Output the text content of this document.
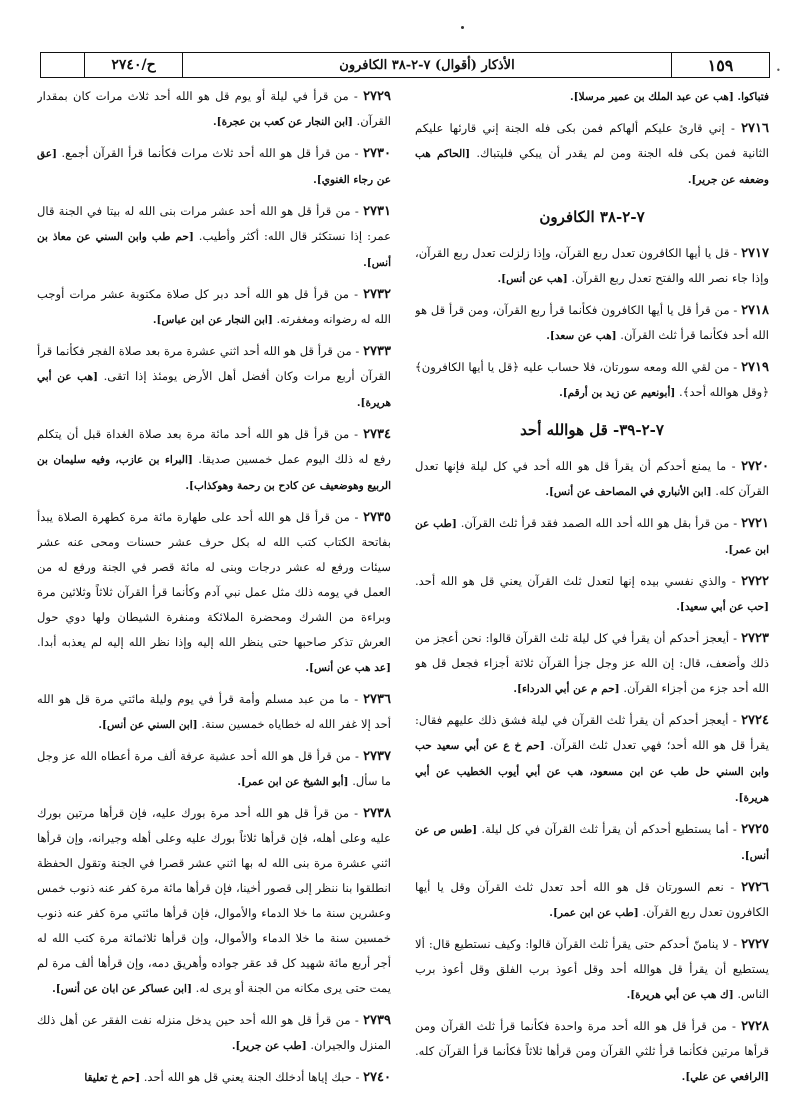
•
١٥٩
الأذكار (أقوال) ٧-٢-٣٨ الكافرون
ح/٢٧٤٠
فتباكوا. [هب عن عبد الملك بن عمير مرسلا].
٢٧١٦ - إني قارئ عليكم ألهاكم فمن بكى فله الجنة إني قارئها عليكم الثانية فمن بكى فله الجنة ومن لم يقدر أن يبكي فليتباك. [الحاكم هب وضعفه عن جرير].
٧-٢-٣٨ الكافرون
٢٧١٧ - قل يا أيها الكافرون تعدل ربع القرآن، وإذا زلزلت تعدل ربع القرآن، وإذا جاء نصر الله والفتح تعدل ربع القرآن. [هب عن أنس].
٢٧١٨ - من قرأ قل يا أيها الكافرون فكأنما قرأ ربع القرآن، ومن قرأ قل هو الله أحد فكأنما قرأ ثلث القرآن. [هب عن سعد].
٢٧١٩ - من لقي الله ومعه سورتان، فلا حساب عليه ﴿قل يا أيها الكافرون﴾ ﴿وقل هوالله أحد﴾. [أبونعيم عن زيد بن أرقم].
٧-٢-٣٩- قل هوالله أحد
٢٧٢٠ - ما يمنع أحدكم أن يقرأ قل هو الله أحد في كل ليلة فإنها تعدل القرآن كله. [ابن الأنباري في المصاحف عن أنس].
٢٧٢١ - من قرأ بقل هو الله أحد الله الصمد فقد قرأ ثلث القرآن. [طب عن ابن عمر].
٢٧٢٢ - والذي نفسي بيده إنها لتعدل ثلث القرآن يعني قل هو الله أحد. [حب عن أبي سعيد].
٢٧٢٣ - أيعجز أحدكم أن يقرأ في كل ليلة ثلث القرآن قالوا: نحن أعجز من ذلك وأضعف، قال: إن الله عز وجل جزأ القرآن ثلاثة أجزاء فجعل قل هو الله أحد جزء من أجزاء القرآن. [حم م عن أبي الدرداء].
٢٧٢٤ - أيعجز أحدكم أن يقرأ ثلث القرآن في ليلة فشق ذلك عليهم فقال: يقرأ قل هو الله أحد؛ فهي تعدل ثلث القرآن. [حم خ ع عن أبي سعيد حب وابن السني حل طب عن ابن مسعود، هب عن أبي أيوب الخطيب عن أبي هريرة].
٢٧٢٥ - أما يستطيع أحدكم أن يقرأ ثلث القرآن في كل ليلة. [طس ص عن أنس].
٢٧٢٦ - نعم السورتان قل هو الله أحد تعدل ثلث القرآن وقل يا أيها الكافرون تعدل ربع القرآن. [طب عن ابن عمر].
٢٧٢٧ - لا ينامنّ أحدكم حتى يقرأ ثلث القرآن قالوا: وكيف نستطيع قال: ألا يستطيع أن يقرأ قل هوالله أحد وقل أعوذ برب الفلق وقل أعوذ برب الناس. [ك هب عن أبي هريرة].
٢٧٢٨ - من قرأ قل هو الله أحد مرة واحدة فكأنما قرأ ثلث القرآن ومن قرأها مرتين فكأنما قرأ ثلثي القرآن ومن قرأها ثلاثاً فكأنما قرأ القرآن كله. [الرافعي عن علي].
٢٧٢٩ - من قرأ في ليلة أو يوم قل هو الله أحد ثلاث مرات كان بمقدار القرآن. [ابن النجار عن كعب بن عجرة].
٢٧٣٠ - من قرأ قل هو الله أحد ثلاث مرات فكأنما قرأ القرآن أجمع. [عق عن رجاء الغنوي].
٢٧٣١ - من قرأ قل هو الله أحد عشر مرات بنى الله له بيتا في الجنة قال عمر: إذا نستكثر قال الله: أكثر وأطيب. [حم طب وابن السني عن معاذ بن أنس].
٢٧٣٢ - من قرأ قل هو الله أحد دبر كل صلاة مكتوبة عشر مرات أوجب الله له رضوانه ومغفرته. [ابن النجار عن ابن عباس].
٢٧٣٣ - من قرأ قل هو الله أحد اثني عشرة مرة بعد صلاة الفجر فكأنما قرأ القرآن أربع مرات وكان أفضل أهل الأرض يومئذ إذا اتقى. [هب عن أبي هريرة].
٢٧٣٤ - من قرأ قل هو الله أحد مائة مرة بعد صلاة الغداة قبل أن يتكلم رفع له ذلك اليوم عمل خمسين صديقا. [البراء بن عازب، وفيه سليمان بن الربيع وهوضعيف عن كادح بن رحمة وهوكذاب].
٢٧٣٥ - من قرأ قل هو الله أحد على طهارة مائة مرة كطهرة الصلاة يبدأ بفاتحة الكتاب كتب الله له بكل حرف عشر حسنات ومحى عنه عشر سيئات ورفع له عشر درجات وبنى له مائة قصر في الجنة ورفع له من العمل في يومه ذلك مثل عمل نبي آدم وكأنما قرأ القرآن ثلاثاً وثلاثين مرة وبراءة من الشرك ومحضرة الملائكة ومنفرة الشيطان ولها دوي حول العرش تذكر صاحبها حتى ينظر الله إليه وإذا نظر الله إليه لم يعذبه أبدا. [عد هب عن أنس].
٢٧٣٦ - ما من عبد مسلم وأمة قرأ في يوم وليلة مائتي مرة قل هو الله أحد إلا غفر الله له خطاياه خمسين سنة. [ابن السني عن أنس].
٢٧٣٧ - من قرأ قل هو الله أحد عشية عرفة ألف مرة أعطاه الله عز وجل ما سأل. [أبو الشيخ عن ابن عمر].
٢٧٣٨ - من قرأ قل هو الله أحد مرة بورك عليه، فإن قرأها مرتين بورك عليه وعلى أهله، فإن قرأها ثلاثاً بورك عليه وعلى أهله وجيرانه، وإن قرأها اثني عشرة مرة بنى الله له بها اثني عشر قصرا في الجنة وتقول الحفظة انطلقوا بنا ننظر إلى قصور أخينا، فإن قرأها مائة مرة كفر عنه ذنوب خمس وعشرين سنة ما خلا الدماء والأموال، فإن قرأها مائتي مرة كفر عنه ذنوب خمسين سنة ما خلا الدماء والأموال، وإن قرأها ثلاثمائة مرة كتب الله له أجر أربع مائة شهيد كل قد عقر جواده وأهريق دمه، وإن قرأها ألف مرة لم يمت حتى يرى مكانه من الجنة أو يرى له. [ابن عساكر عن ابان عن أنس].
٢٧٣٩ - من قرأ قل هو الله أحد حين يدخل منزله نفت الفقر عن أهل ذلك المنزل والجيران. [طب عن جرير].
٢٧٤٠ - حبك إياها أدخلك الجنة يعني قل هو الله أحد. [حم خ تعليقا
